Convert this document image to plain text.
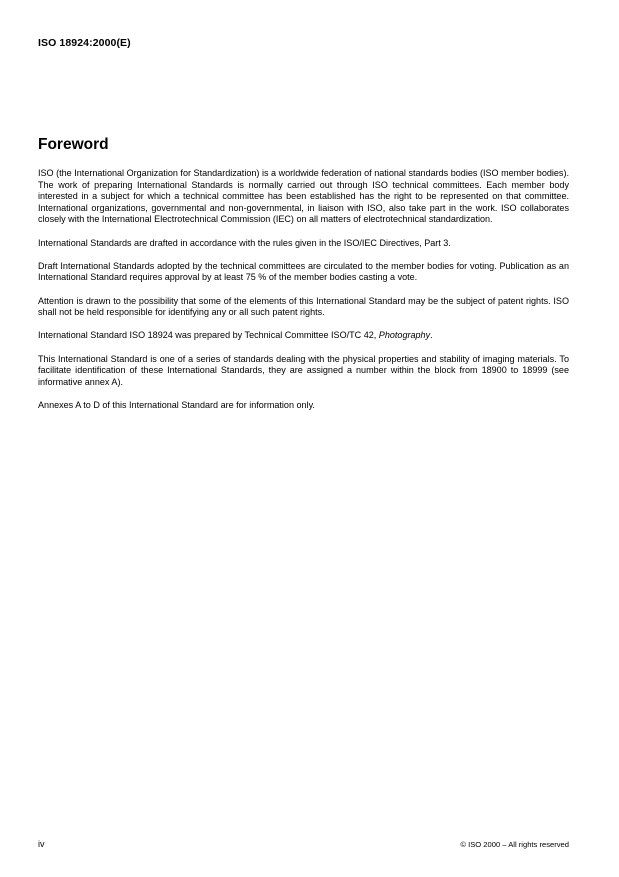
ISO 18924:2000(E)
Foreword

ISO (the International Organization for Standardization) is a worldwide federation of national standards bodies (ISO member bodies). The work of preparing International Standards is normally carried out through ISO technical committees. Each member body interested in a subject for which a technical committee has been established has the right to be represented on that committee. International organizations, governmental and non-governmental, in liaison with ISO, also take part in the work. ISO collaborates closely with the International Electrotechnical Commission (IEC) on all matters of electrotechnical standardization.

International Standards are drafted in accordance with the rules given in the ISO/IEC Directives, Part 3.

Draft International Standards adopted by the technical committees are circulated to the member bodies for voting. Publication as an International Standard requires approval by at least 75 % of the member bodies casting a vote.

Attention is drawn to the possibility that some of the elements of this International Standard may be the subject of patent rights. ISO shall not be held responsible for identifying any or all such patent rights.

International Standard ISO 18924 was prepared by Technical Committee ISO/TC 42, Photography.

This International Standard is one of a series of standards dealing with the physical properties and stability of imaging materials. To facilitate identification of these International Standards, they are assigned a number within the block from 18900 to 18999 (see informative annex A).

Annexes A to D of this International Standard are for information only.

iv	© ISO 2000 – All rights reserved
